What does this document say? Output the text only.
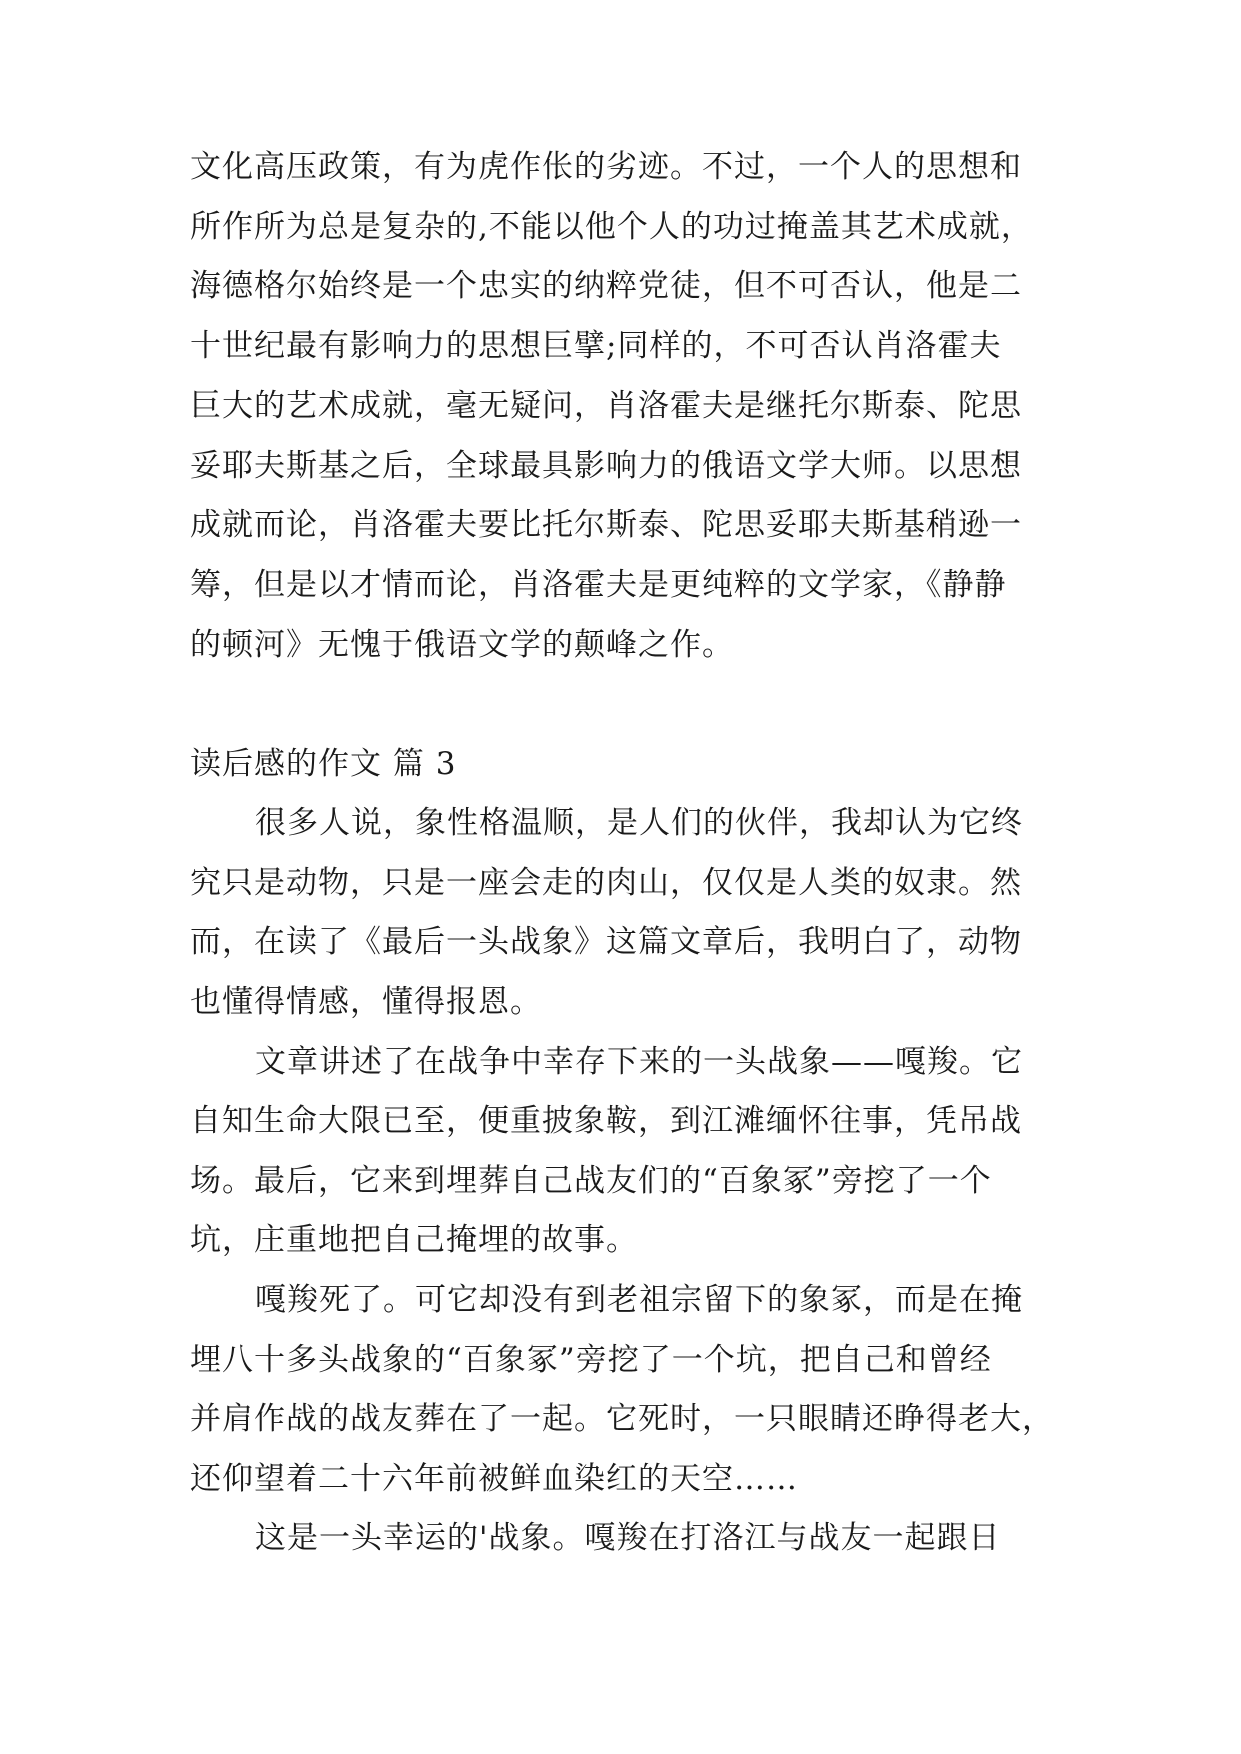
文化高压政策，有为虎作伥的劣迹。不过，一个人的思想和

所作所为总是复杂的,不能以他个人的功过掩盖其艺术成就，

海德格尔始终是一个忠实的纳粹党徒，但不可否认，他是二

十世纪最有影响力的思想巨擘;同样的，不可否认肖洛霍夫

巨大的艺术成就，毫无疑问，肖洛霍夫是继托尔斯泰、陀思

妥耶夫斯基之后，全球最具影响力的俄语文学大师。以思想

成就而论，肖洛霍夫要比托尔斯泰、陀思妥耶夫斯基稍逊一

筹，但是以才情而论，肖洛霍夫是更纯粹的文学家，《静静

的顿河》无愧于俄语文学的颠峰之作。

读后感的作文 篇 3

很多人说，象性格温顺，是人们的伙伴，我却认为它终

究只是动物，只是一座会走的肉山，仅仅是人类的奴隶。然

而，在读了《最后一头战象》这篇文章后，我明白了，动物

也懂得情感，懂得报恩。

文章讲述了在战争中幸存下来的一头战象——嘎羧。它

自知生命大限已至，便重披象鞍，到江滩缅怀往事，凭吊战

场。最后，它来到埋葬自己战友们的“百象冢”旁挖了一个

坑，庄重地把自己掩埋的故事。

嘎羧死了。可它却没有到老祖宗留下的象冢，而是在掩

埋八十多头战象的“百象冢”旁挖了一个坑，把自己和曾经

并肩作战的战友葬在了一起。它死时，一只眼睛还睁得老大，

还仰望着二十六年前被鲜血染红的天空……

这是一头幸运的'战象。嘎羧在打洛江与战友一起跟日
